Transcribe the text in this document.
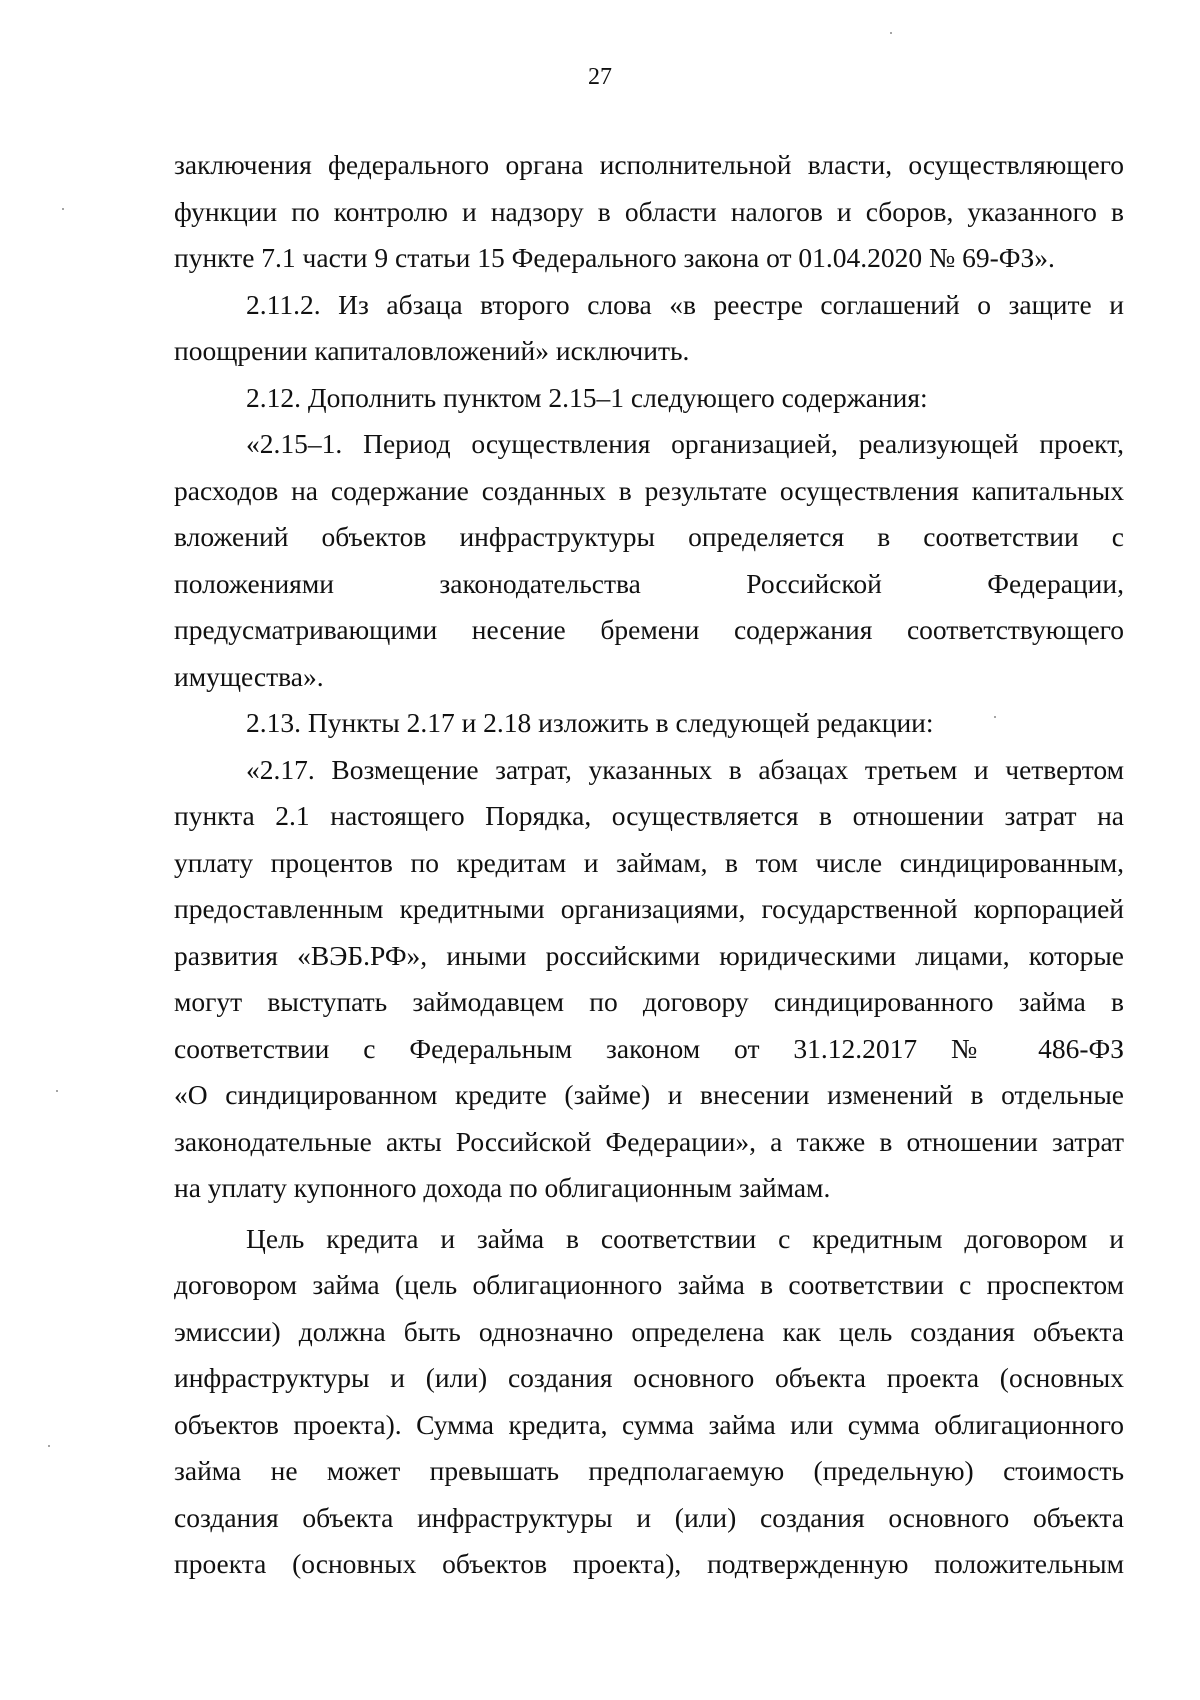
27
заключения федерального органа исполнительной власти, осуществляющего
функции по контролю и надзору в области налогов и сборов, указанного в
пункте 7.1 части 9 статьи 15 Федерального закона от 01.04.2020 № 69-ФЗ».
2.11.2. Из абзаца второго слова «в реестре соглашений о защите и
поощрении капиталовложений» исключить.
2.12. Дополнить пунктом 2.15–1 следующего содержания:
«2.15–1. Период осуществления организацией, реализующей проект,
расходов на содержание созданных в результате осуществления капитальных
вложений объектов инфраструктуры определяется в соответствии с
положениями законодательства Российской Федерации,
предусматривающими несение бремени содержания соответствующего
имущества».
2.13. Пункты 2.17 и 2.18 изложить в следующей редакции:
«2.17. Возмещение затрат, указанных в абзацах третьем и четвертом
пункта 2.1 настоящего Порядка, осуществляется в отношении затрат на
уплату процентов по кредитам и займам, в том числе синдицированным,
предоставленным кредитными организациями, государственной корпорацией
развития «ВЭБ.РФ», иными российскими юридическими лицами, которые
могут выступать займодавцем по договору синдицированного займа в
соответствии с Федеральным законом от 31.12.2017 № 486-ФЗ
«О синдицированном кредите (займе) и внесении изменений в отдельные
законодательные акты Российской Федерации», а также в отношении затрат
на уплату купонного дохода по облигационным займам.
Цель кредита и займа в соответствии с кредитным договором и
договором займа (цель облигационного займа в соответствии с проспектом
эмиссии) должна быть однозначно определена как цель создания объекта
инфраструктуры и (или) создания основного объекта проекта (основных
объектов проекта). Сумма кредита, сумма займа или сумма облигационного
займа не может превышать предполагаемую (предельную) стоимость
создания объекта инфраструктуры и (или) создания основного объекта
проекта (основных объектов проекта), подтвержденную положительным
